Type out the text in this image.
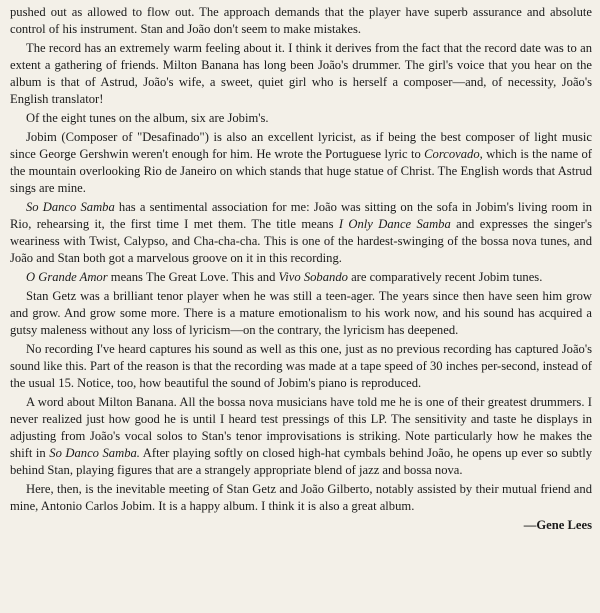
pushed out as allowed to flow out. The approach demands that the player have superb assurance and absolute control of his instrument. Stan and João don't seem to make mistakes.

The record has an extremely warm feeling about it. I think it derives from the fact that the record date was to an extent a gathering of friends. Milton Banana has long been João's drummer. The girl's voice that you hear on the album is that of Astrud, João's wife, a sweet, quiet girl who is herself a composer—and, of necessity, João's English translator!

Of the eight tunes on the album, six are Jobim's.

Jobim (Composer of "Desafinado") is also an excellent lyricist, as if being the best composer of light music since George Gershwin weren't enough for him. He wrote the Portuguese lyric to Corcovado, which is the name of the mountain overlooking Rio de Janeiro on which stands that huge statue of Christ. The English words that Astrud sings are mine.

So Danco Samba has a sentimental association for me: João was sitting on the sofa in Jobim's living room in Rio, rehearsing it, the first time I met them. The title means I Only Dance Samba and expresses the singer's weariness with Twist, Calypso, and Cha-cha-cha. This is one of the hardest-swinging of the bossa nova tunes, and João and Stan both got a marvelous groove on it in this recording.

O Grande Amor means The Great Love. This and Vivo Sobando are comparatively recent Jobim tunes.

Stan Getz was a brilliant tenor player when he was still a teen-ager. The years since then have seen him grow and grow. And grow some more. There is a mature emotionalism to his work now, and his sound has acquired a gutsy maleness without any loss of lyricism—on the contrary, the lyricism has deepened.

No recording I've heard captures his sound as well as this one, just as no previous recording has captured João's sound like this. Part of the reason is that the recording was made at a tape speed of 30 inches per-second, instead of the usual 15. Notice, too, how beautiful the sound of Jobim's piano is reproduced.

A word about Milton Banana. All the bossa nova musicians have told me he is one of their greatest drummers. I never realized just how good he is until I heard test pressings of this LP. The sensitivity and taste he displays in adjusting from João's vocal solos to Stan's tenor improvisations is striking. Note particularly how he makes the shift in So Danco Samba. After playing softly on closed high-hat cymbals behind João, he opens up ever so subtly behind Stan, playing figures that are a strangely appropriate blend of jazz and bossa nova.

Here, then, is the inevitable meeting of Stan Getz and João Gilberto, notably assisted by their mutual friend and mine, Antonio Carlos Jobim. It is a happy album. I think it is also a great album.

—Gene Lees
